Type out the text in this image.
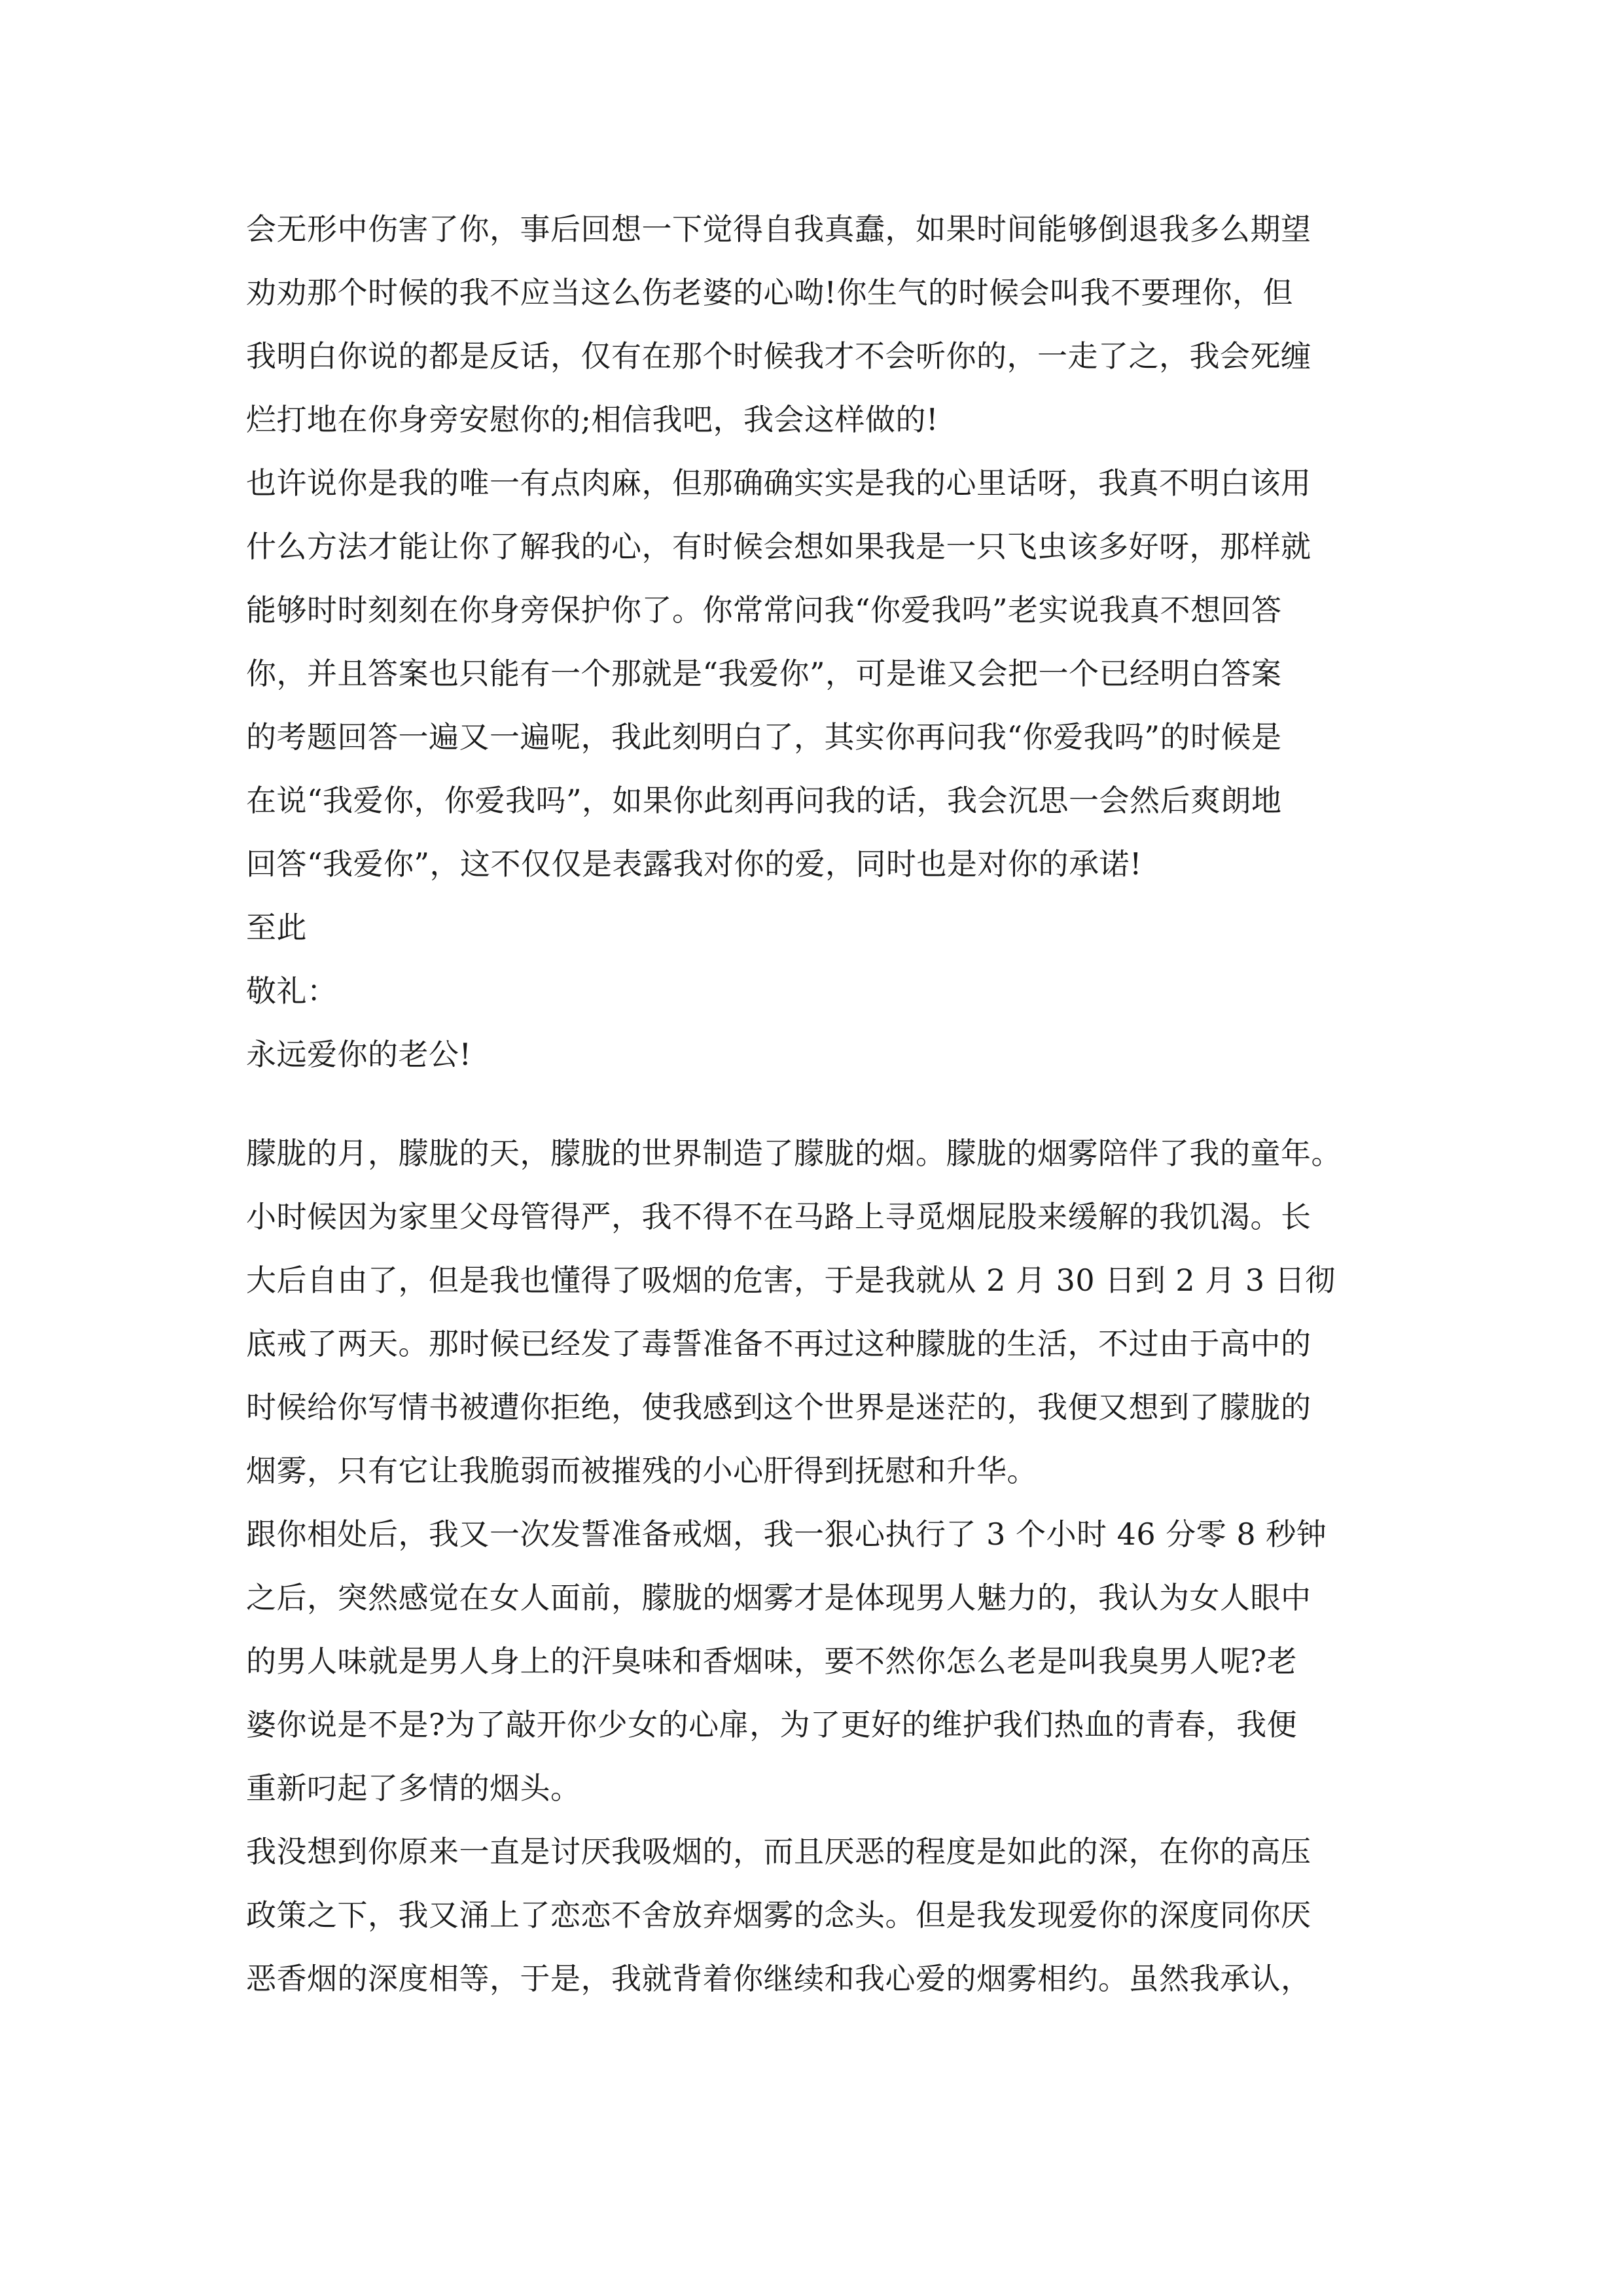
会无形中伤害了你，事后回想一下觉得自我真蠢，如果时间能够倒退我多么期望
劝劝那个时候的我不应当这么伤老婆的心呦!你生气的时候会叫我不要理你，但
我明白你说的都是反话，仅有在那个时候我才不会听你的，一走了之，我会死缠
烂打地在你身旁安慰你的;相信我吧，我会这样做的!
也许说你是我的唯一有点肉麻，但那确确实实是我的心里话呀，我真不明白该用
什么方法才能让你了解我的心，有时候会想如果我是一只飞虫该多好呀，那样就
能够时时刻刻在你身旁保护你了。你常常问我“你爱我吗”老实说我真不想回答
你，并且答案也只能有一个那就是“我爱你”，可是谁又会把一个已经明白答案
的考题回答一遍又一遍呢，我此刻明白了，其实你再问我“你爱我吗”的时候是
在说“我爱你，你爱我吗”，如果你此刻再问我的话，我会沉思一会然后爽朗地
回答“我爱你”，这不仅仅是表露我对你的爱，同时也是对你的承诺!
至此
敬礼：
永远爱你的老公!
朦胧的月，朦胧的天，朦胧的世界制造了朦胧的烟。朦胧的烟雾陪伴了我的童年。
小时候因为家里父母管得严，我不得不在马路上寻觅烟屁股来缓解的我饥渴。长
大后自由了，但是我也懂得了吸烟的危害，于是我就从 2 月 30 日到 2 月 3 日彻
底戒了两天。那时候已经发了毒誓准备不再过这种朦胧的生活，不过由于高中的
时候给你写情书被遭你拒绝，使我感到这个世界是迷茫的，我便又想到了朦胧的
烟雾，只有它让我脆弱而被摧残的小心肝得到抚慰和升华。
跟你相处后，我又一次发誓准备戒烟，我一狠心执行了 3 个小时 46 分零 8 秒钟
之后，突然感觉在女人面前，朦胧的烟雾才是体现男人魅力的，我认为女人眼中
的男人味就是男人身上的汗臭味和香烟味，要不然你怎么老是叫我臭男人呢?老
婆你说是不是?为了敲开你少女的心扉，为了更好的维护我们热血的青春，我便
重新叼起了多情的烟头。
我没想到你原来一直是讨厌我吸烟的，而且厌恶的程度是如此的深，在你的高压
政策之下，我又涌上了恋恋不舍放弃烟雾的念头。但是我发现爱你的深度同你厌
恶香烟的深度相等，于是，我就背着你继续和我心爱的烟雾相约。虽然我承认，
